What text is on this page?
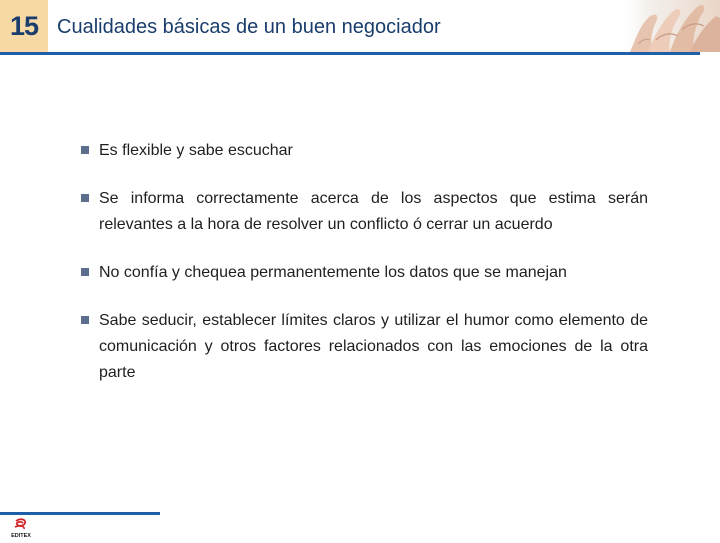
15 Cualidades básicas de un buen negociador
Es flexible y sabe escuchar
Se informa correctamente acerca de los aspectos que estima serán relevantes a la hora de resolver un conflicto ó cerrar un acuerdo
No confía y chequea permanentemente los datos que se manejan
Sabe seducir, establecer límites claros y utilizar el humor como elemento de comunicación y otros factores relacionados con las emociones de la otra parte
EDITEX
